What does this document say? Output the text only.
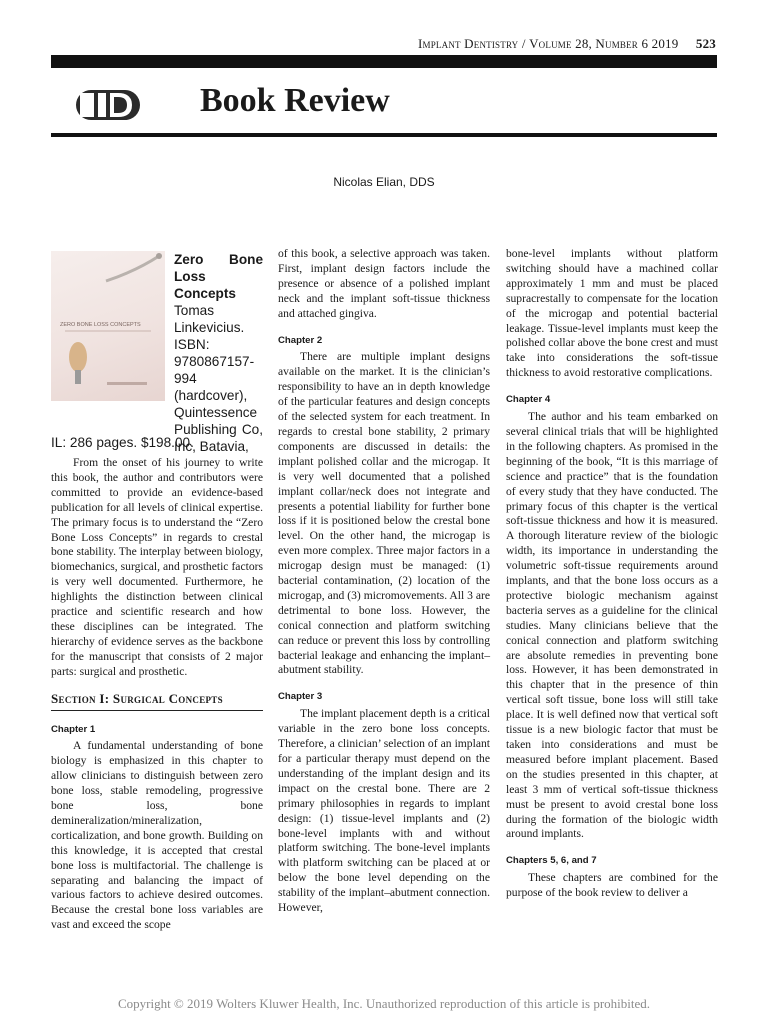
Implant Dentistry / Volume 28, Number 6 2019 523
Book Review
Nicolas Elian, DDS
ZERO BONE LOSS CONCEPTS
Zero Bone Loss Concepts
Tomas Linkevicius. ISBN: 9780867157-994 (hardcover), Quintessence Publishing Co, Inc, Batavia,
IL: 286 pages. $198.00.

From the onset of his journey to write this book, the author and contributors were committed to provide an evidence-based publication for all levels of clinical expertise. The primary focus is to understand the “Zero Bone Loss Concepts” in regards to crestal bone stability. The interplay between biology, biomechanics, surgical, and prosthetic factors is very well documented. Furthermore, he highlights the distinction between clinical practice and scientific research and how these disciplines can be integrated. The hierarchy of evidence serves as the backbone for the manuscript that consists of 2 major parts: surgical and prosthetic.

Section I: Surgical Concepts

Chapter 1

A fundamental understanding of bone biology is emphasized in this chapter to allow clinicians to distinguish between zero bone loss, stable remodeling, progressive bone loss, bone demineralization/mineralization, corticalization, and bone growth. Building on this knowledge, it is accepted that crestal bone loss is multifactorial. The challenge is separating and balancing the impact of various factors to achieve desired outcomes. Because the crestal bone loss variables are vast and exceed the scope

of this book, a selective approach was taken. First, implant design factors include the presence or absence of a polished implant neck and the implant soft-tissue thickness and attached gingiva.

Chapter 2

There are multiple implant designs available on the market. It is the clinician’s responsibility to have an in depth knowledge of the particular features and design concepts of the selected system for each treatment. In regards to crestal bone stability, 2 primary components are discussed in details: the implant polished collar and the microgap. It is very well documented that a polished implant collar/neck does not integrate and presents a potential liability for further bone loss if it is positioned below the crestal bone level. On the other hand, the microgap is even more complex. Three major factors in a microgap design must be managed: (1) bacterial contamination, (2) location of the microgap, and (3) micromovements. All 3 are detrimental to bone loss. However, the conical connection and platform switching can reduce or prevent this loss by controlling bacterial leakage and enhancing the implant–abutment stability.

Chapter 3

The implant placement depth is a critical variable in the zero bone loss concepts. Therefore, a clinician’ selection of an implant for a particular therapy must depend on the understanding of the implant design and its impact on the crestal bone. There are 2 primary philosophies in regards to implant design: (1) tissue-level implants and (2) bone-level implants with and without platform switching. The bone-level implants with platform switching can be placed at or below the bone level depending on the stability of the implant–abutment connection. However,

bone-level implants without platform switching should have a machined collar approximately 1 mm and must be placed supracrestally to compensate for the location of the microgap and potential bacterial leakage. Tissue-level implants must keep the polished collar above the bone crest and must take into considerations the soft-tissue thickness to avoid restorative complications.

Chapter 4

The author and his team embarked on several clinical trials that will be highlighted in the following chapters. As promised in the beginning of the book, “It is this marriage of science and practice” that is the foundation of every study that they have conducted. The primary focus of this chapter is the vertical soft-tissue thickness and how it is measured. A thorough literature review of the biologic width, its importance in understanding the volumetric soft-tissue requirements around implants, and that the bone loss occurs as a protective biologic mechanism against bacteria serves as a guideline for the clinical studies. Many clinicians believe that the conical connection and platform switching are absolute remedies in preventing bone loss. However, it has been demonstrated in this chapter that in the presence of thin vertical soft tissue, bone loss will still take place. It is well defined now that vertical soft tissue is a new biologic factor that must be taken into considerations and must be measured before implant placement. Based on the studies presented in this chapter, at least 3 mm of vertical soft-tissue thickness must be present to avoid crestal bone loss during the formation of the biologic width around implants.

Chapters 5, 6, and 7

These chapters are combined for the purpose of the book review to deliver a

Copyright © 2019 Wolters Kluwer Health, Inc. Unauthorized reproduction of this article is prohibited.
